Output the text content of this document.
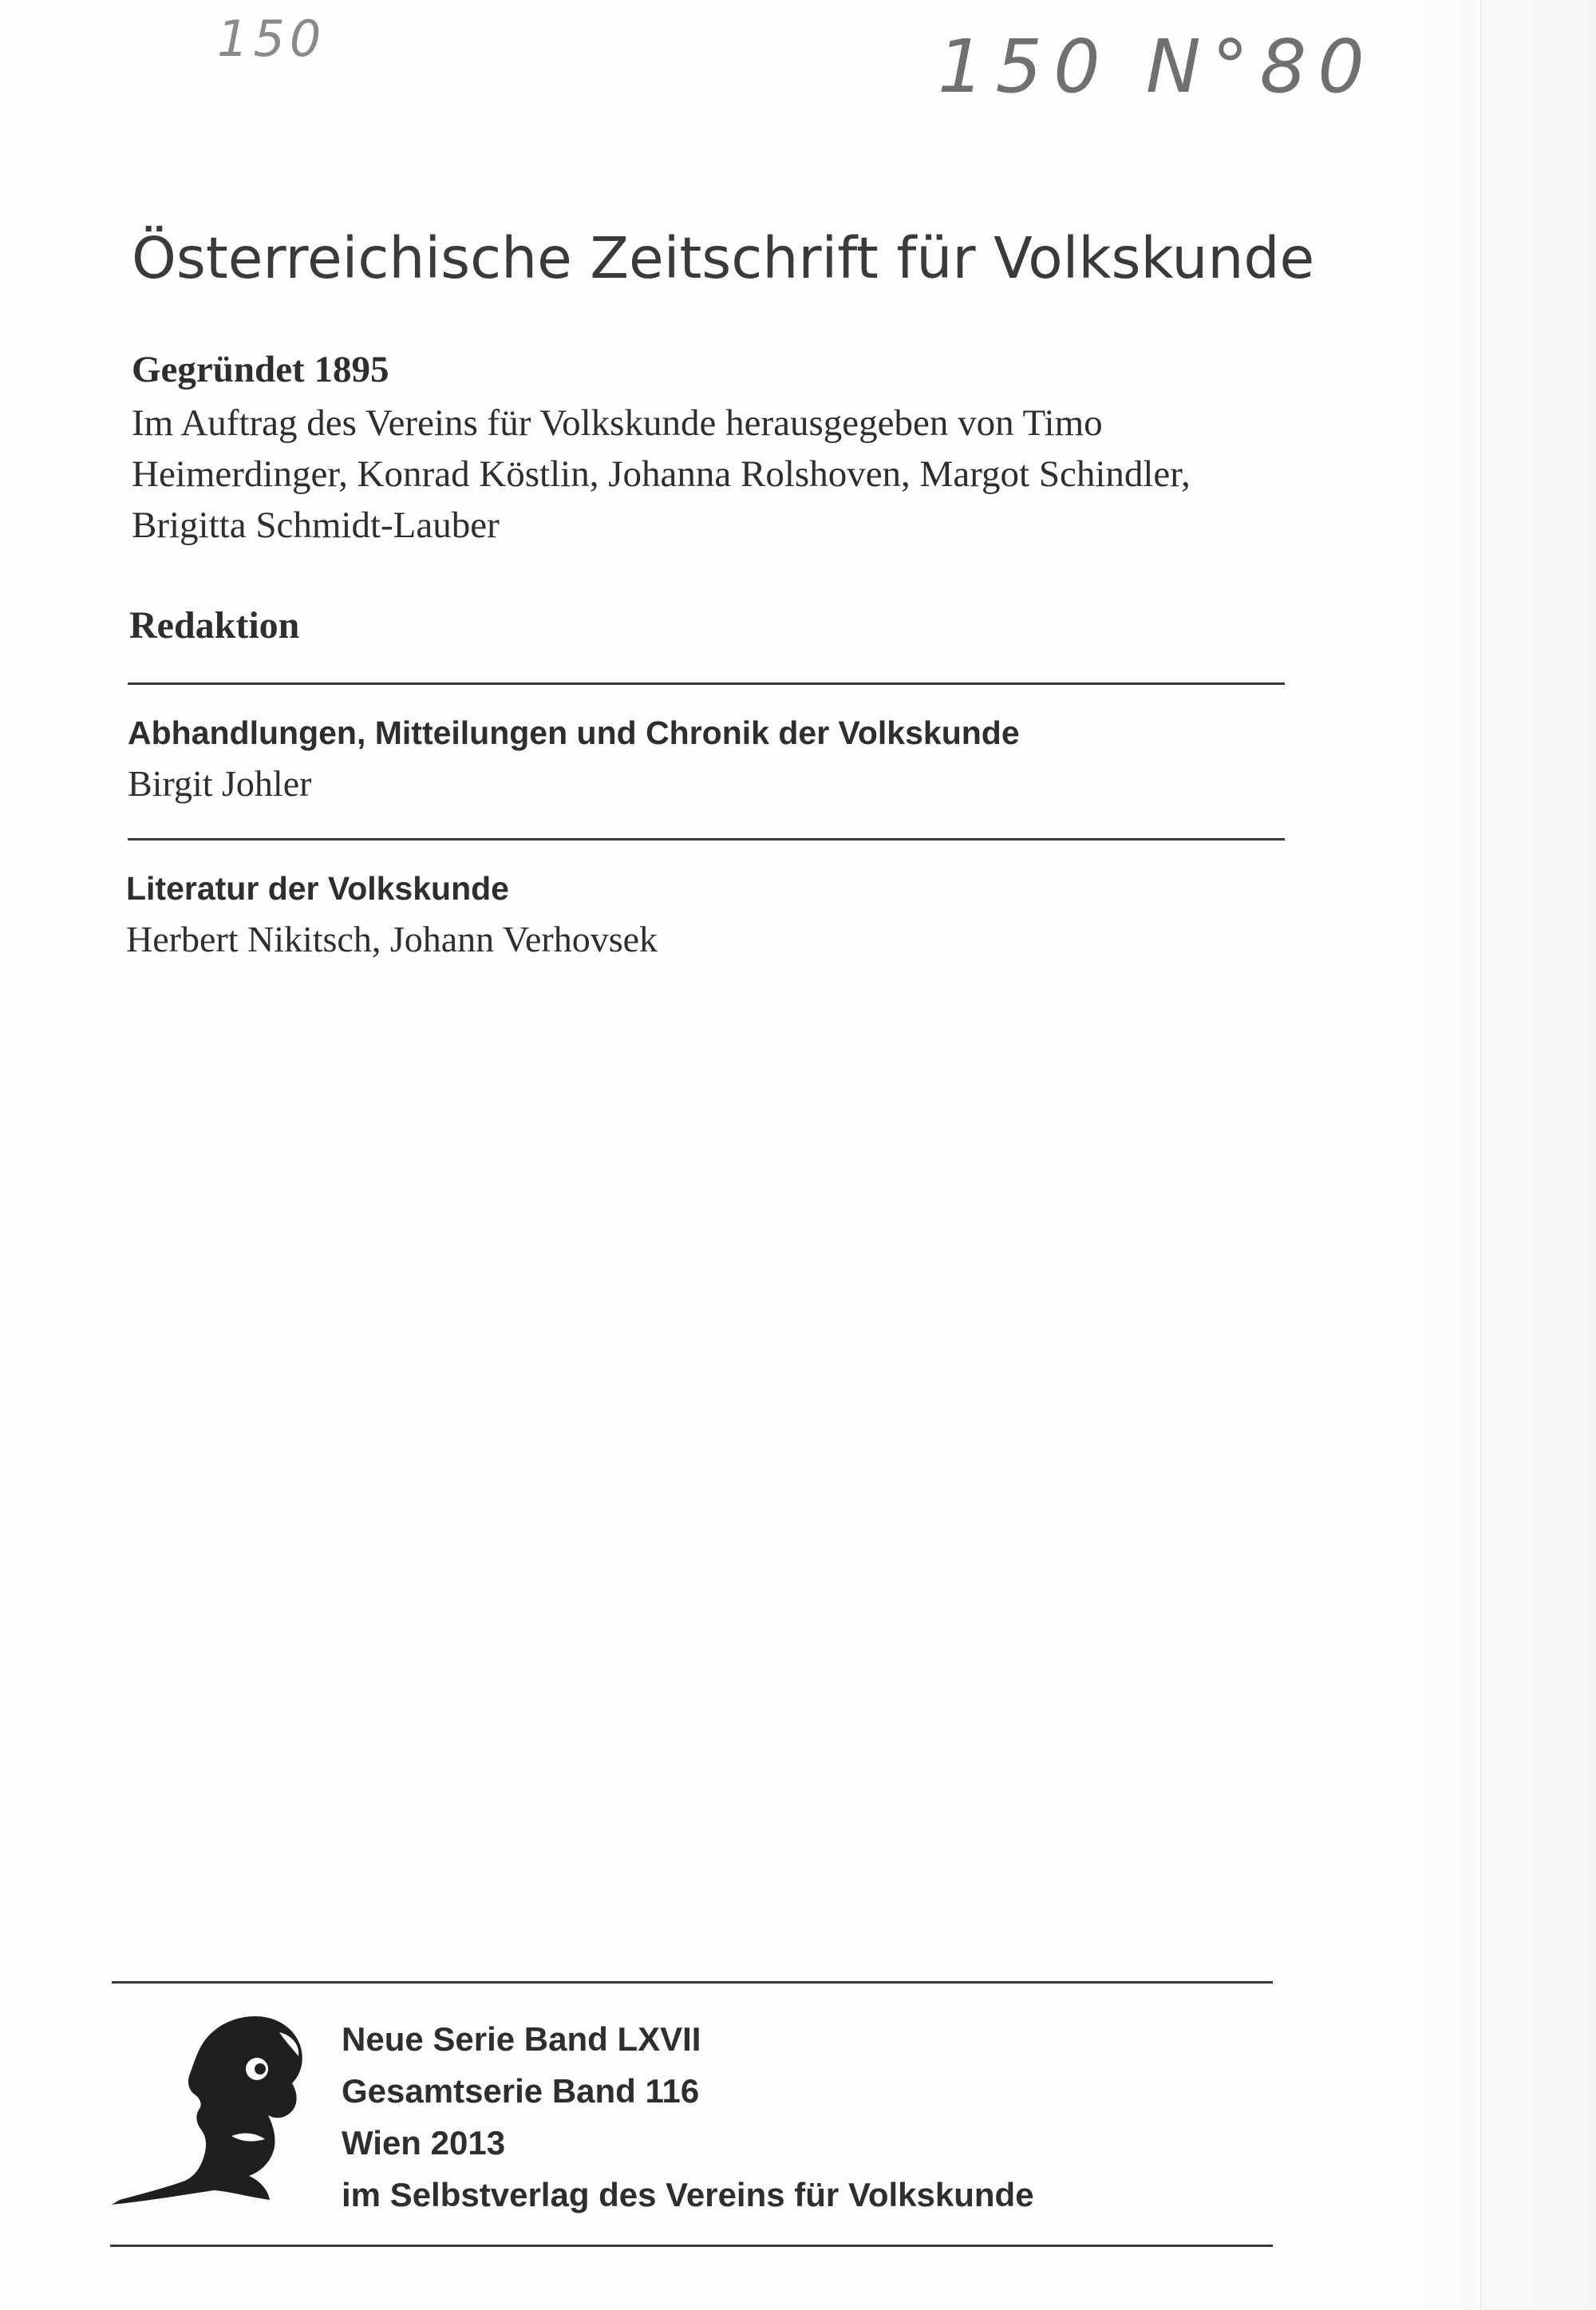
150	150 N°80
Österreichische Zeitschrift für Volkskunde
Gegründet 1895
Im Auftrag des Vereins für Volkskunde herausgegeben von Timo Heimerdinger, Konrad Köstlin, Johanna Rolshoven, Margot Schindler, Brigitta Schmidt-Lauber
Redaktion
Abhandlungen, Mitteilungen und Chronik der Volkskunde
Birgit Johler
Literatur der Volkskunde
Herbert Nikitsch, Johann Verhovsek
Neue Serie Band LXVII
Gesamtserie Band 116
Wien 2013
im Selbstverlag des Vereins für Volkskunde
